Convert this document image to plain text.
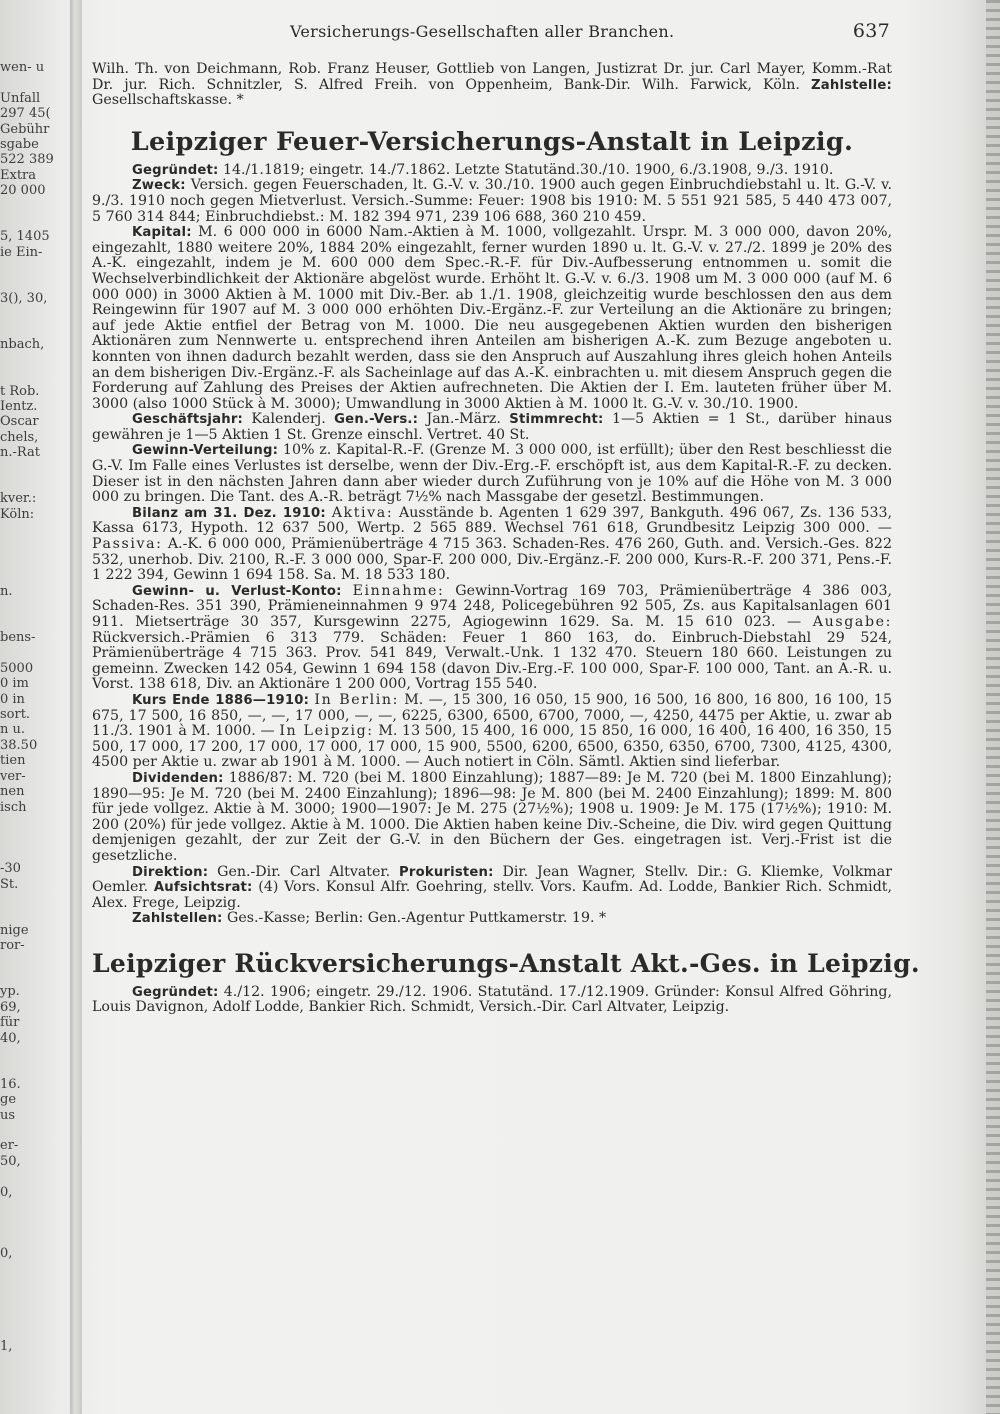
wen- u

Unfall
297 45(
Gebühr
sgabe
522 389
Extra
20 000

5, 1405
ie Ein-

3(), 30,

nbach,

t Rob.
Ientz.
Oscar
chels,
n.-Rat

kver.:
Köln:

n.

bens-

5000
0 im
0 in
sort.
n u.
38.50
tien
ver-
nen
isch

-30
St.

nige
ror-

yp.
69,
für
40,

16.
ge
us

er-
50,

0,

0,

1,
Versicherungs-Gesellschaften aller Branchen.	637

Wilh. Th. von Deichmann, Rob. Franz Heuser, Gottlieb von Langen, Justizrat Dr. jur. Carl Mayer, Komm.-Rat Dr. jur. Rich. Schnitzler, S. Alfred Freih. von Oppenheim, Bank-Dir. Wilh. Farwick, Köln. Zahlstelle: Gesellschaftskasse. *

Leipziger Feuer-Versicherungs-Anstalt in Leipzig.

Gegründet: 14./1.1819; eingetr. 14./7.1862. Letzte Statutänd.30./10. 1900, 6./3.1908, 9./3. 1910.

Zweck: Versich. gegen Feuerschaden, lt. G.-V. v. 30./10. 1900 auch gegen Einbruchdiebstahl u. lt. G.-V. v. 9./3. 1910 noch gegen Mietverlust. Versich.-Summe: Feuer: 1908 bis 1910: M. 5 551 921 585, 5 440 473 007, 5 760 314 844; Einbruchdiebst.: M. 182 394 971, 239 106 688, 360 210 459.

Kapital: M. 6 000 000 in 6000 Nam.-Aktien à M. 1000, vollgezahlt. Urspr. M. 3 000 000, davon 20%, eingezahlt, 1880 weitere 20%, 1884 20% eingezahlt, ferner wurden 1890 u. lt. G.-V. v. 27./2. 1899 je 20% des A.-K. eingezahlt, indem je M. 600 000 dem Spec.-R.-F. für Div.-Aufbesserung entnommen u. somit die Wechselverbindlichkeit der Aktionäre abgelöst wurde. Erhöht lt. G.-V. v. 6./3. 1908 um M. 3 000 000 (auf M. 6 000 000) in 3000 Aktien à M. 1000 mit Div.-Ber. ab 1./1. 1908, gleichzeitig wurde beschlossen den aus dem Reingewinn für 1907 auf M. 3 000 000 erhöhten Div.-Ergänz.-F. zur Verteilung an die Aktionäre zu bringen; auf jede Aktie entfiel der Betrag von M. 1000. Die neu ausgegebenen Aktien wurden den bisherigen Aktionären zum Nennwerte u. entsprechend ihren Anteilen am bisherigen A.-K. zum Bezuge angeboten u. konnten von ihnen dadurch bezahlt werden, dass sie den Anspruch auf Auszahlung ihres gleich hohen Anteils an dem bisherigen Div.-Ergänz.-F. als Sacheinlage auf das A.-K. einbrachten u. mit diesem Anspruch gegen die Forderung auf Zahlung des Preises der Aktien aufrechneten. Die Aktien der I. Em. lauteten früher über M. 3000 (also 1000 Stück à M. 3000); Umwandlung in 3000 Aktien à M. 1000 lt. G.-V. v. 30./10. 1900.

Geschäftsjahr: Kalenderj. Gen.-Vers.: Jan.-März. Stimmrecht: 1—5 Aktien = 1 St., darüber hinaus gewähren je 1—5 Aktien 1 St. Grenze einschl. Vertret. 40 St.

Gewinn-Verteilung: 10% z. Kapital-R.-F. (Grenze M. 3 000 000, ist erfüllt); über den Rest beschliesst die G.-V. Im Falle eines Verlustes ist derselbe, wenn der Div.-Erg.-F. erschöpft ist, aus dem Kapital-R.-F. zu decken. Dieser ist in den nächsten Jahren dann aber wieder durch Zuführung von je 10% auf die Höhe von M. 3 000 000 zu bringen. Die Tant. des A.-R. beträgt 7½% nach Massgabe der gesetzl. Bestimmungen.

Bilanz am 31. Dez. 1910: Aktiva: Ausstände b. Agenten 1 629 397, Bankguth. 496 067, Zs. 136 533, Kassa 6173, Hypoth. 12 637 500, Wertp. 2 565 889. Wechsel 761 618, Grundbesitz Leipzig 300 000. — Passiva: A.-K. 6 000 000, Prämienüberträge 4 715 363. Schaden-Res. 476 260, Guth. and. Versich.-Ges. 822 532, unerhob. Div. 2100, R.-F. 3 000 000, Spar-F. 200 000, Div.-Ergänz.-F. 200 000, Kurs-R.-F. 200 371, Pens.-F. 1 222 394, Gewinn 1 694 158. Sa. M. 18 533 180.

Gewinn- u. Verlust-Konto: Einnahme: Gewinn-Vortrag 169 703, Prämienüberträge 4 386 003, Schaden-Res. 351 390, Prämieneinnahmen 9 974 248, Policegebühren 92 505, Zs. aus Kapitalsanlagen 601 911. Mietserträge 30 357, Kursgewinn 2275, Agiogewinn 1629. Sa. M. 15 610 023. — Ausgabe: Rückversich.-Prämien 6 313 779. Schäden: Feuer 1 860 163, do. Einbruch-Diebstahl 29 524, Prämienüberträge 4 715 363. Prov. 541 849, Verwalt.-Unk. 1 132 470. Steuern 180 660. Leistungen zu gemeinn. Zwecken 142 054, Gewinn 1 694 158 (davon Div.-Erg.-F. 100 000, Spar-F. 100 000, Tant. an A.-R. u. Vorst. 138 618, Div. an Aktionäre 1 200 000, Vortrag 155 540.

Kurs Ende 1886—1910: In Berlin: M. —, 15 300, 16 050, 15 900, 16 500, 16 800, 16 800, 16 100, 15 675, 17 500, 16 850, —, —, 17 000, —, —, 6225, 6300, 6500, 6700, 7000, —, 4250, 4475 per Aktie, u. zwar ab 11./3. 1901 à M. 1000. — In Leipzig: M. 13 500, 15 400, 16 000, 15 850, 16 000, 16 400, 16 400, 16 350, 15 500, 17 000, 17 200, 17 000, 17 000, 17 000, 15 900, 5500, 6200, 6500, 6350, 6350, 6700, 7300, 4125, 4300, 4500 per Aktie u. zwar ab 1901 à M. 1000. — Auch notiert in Cöln. Sämtl. Aktien sind lieferbar.

Dividenden: 1886/87: M. 720 (bei M. 1800 Einzahlung); 1887—89: Je M. 720 (bei M. 1800 Einzahlung); 1890—95: Je M. 720 (bei M. 2400 Einzahlung); 1896—98: Je M. 800 (bei M. 2400 Einzahlung); 1899: M. 800 für jede vollgez. Aktie à M. 3000; 1900—1907: Je M. 275 (27½%); 1908 u. 1909: Je M. 175 (17½%); 1910: M. 200 (20%) für jede vollgez. Aktie à M. 1000. Die Aktien haben keine Div.-Scheine, die Div. wird gegen Quittung demjenigen gezahlt, der zur Zeit der G.-V. in den Büchern der Ges. eingetragen ist. Verj.-Frist ist die gesetzliche.

Direktion: Gen.-Dir. Carl Altvater. Prokuristen: Dir. Jean Wagner, Stellv. Dir.: G. Kliemke, Volkmar Oemler. Aufsichtsrat: (4) Vors. Konsul Alfr. Goehring, stellv. Vors. Kaufm. Ad. Lodde, Bankier Rich. Schmidt, Alex. Frege, Leipzig.

Zahlstellen: Ges.-Kasse; Berlin: Gen.-Agentur Puttkamerstr. 19. *

Leipziger Rückversicherungs-Anstalt Akt.-Ges. in Leipzig.

Gegründet: 4./12. 1906; eingetr. 29./12. 1906. Statutänd. 17./12.1909. Gründer: Konsul Alfred Göhring, Louis Davignon, Adolf Lodde, Bankier Rich. Schmidt, Versich.-Dir. Carl Altvater, Leipzig.
